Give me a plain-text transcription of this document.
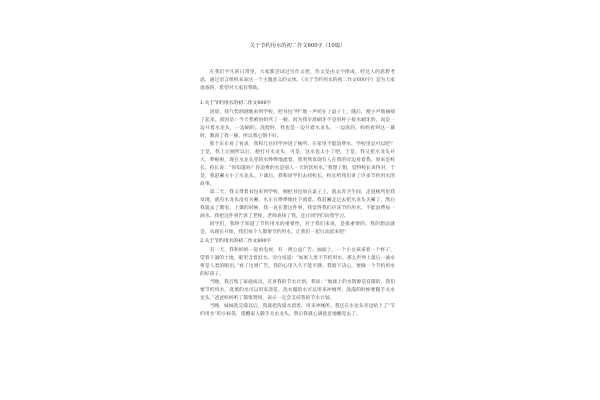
关于节约用水的初二作文600字（10篇）

在我们平凡的日常里，大家都尝试过写作文吧，作文是由文字组成，经过人的思想考虑，通过语言组织来表达一个主题意义的文体。《关于节约用水的初二作文600字》是为大家准备的，希望对大家有帮助。

1.关于节约用水的初二作文600字

清晨，我气势汹汹地来到学校，把书包“呼”地一声扔在了桌子上，随后，便小声地抽噎了起来。原因是：今天我被妈妈骂了一顿，因为我早晨刷牙不是用杯子接水刷牙的，而是一边开着水龙头，一边刷的。洗脸时，我也是一边开着水龙头，一边洗的。妈妈看到这一幕时，教训了我一顿，所以我心情不好。

那个东东看了看表，我和几位同学冲进了厕所，在家里不能浪费水，学校里总可以吧？于是，我上完厕所以后，便打开水龙头，可是，这水也太小了吧，于是，我又把水龙头开大，哗啦啦，现在水龙头里的水哗哗地流着。我突然发现有人在我的旁边看着我，原来是校长。校长说：“你知道吗？你浪费的水是别人一天的饮用水。”我想了想，觉得校长说得对，于是，我赶紧关小了水龙头。下课后，我和同学们去找校长，校长给我们讲了许多节约用水的故事。

第二天，我又带着书包来到学校，刚把书包放在桌子上，就去奔卫生间，走进厕所里我发现，就有水龙头没有关紧，水正在哗哗地往下流着。我赶紧走过去把水龙头关紧了，然后我就去了教室。上课的时候，我一直在想这件事，我觉得我们应该节约用水，不能浪费每一滴水。我把这件事告诉了老师，老师表扬了我，还让同学们向我学习。

同学们，我终于知道了节约用水的重要性，对于我们来说，是很重要的。我的想法就是，从现在开始，我们每个人都要节约用水，让我们一起行动起来吧！

2.关于节约用水的初二作文600字

有一天，我和妈妈一起看电视，有一则公益广告。画面上，一个小女孩拿着一个杯子，望着干涸的土地，眼里含着泪水。旁白说道：“如果人类不节约用水，那么世界上最后一滴水将是人类的眼泪。”看了这则广告，我的心里久久不能平静，我暗下决心，要做一个节约用水的好孩子。

当晚，我召集了家庭成员，宣讲我的节水计划。我说：“地球上的水资源是有限的，我们要节约用水，洗菜的水可以用来浇花，洗衣服的水可以用来冲厕所，洗澡的时候要随手关水龙头。”爸爸妈妈听了都很赞同，表示一定会支持我的节水计划。

当晚，妹妹洗完澡以后，我就把洗澡水留着，用来冲厕所。我还在水龙头旁边贴上了“节约用水”的小标签，提醒家人随手关水龙头。然后我就心满意足地睡觉去了。
